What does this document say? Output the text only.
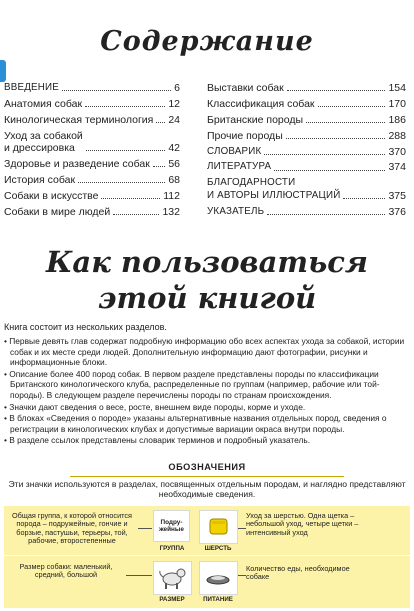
Содержание
ВВЕДЕНИЕ	6
Анатомия собак	12
Кинологическая терминология 24
Уход за собакой
и дрессировка	42
Здоровье и разведение собак 56
История собак	68
Собаки в искусстве	112
Собаки в мире людей	132
Выставки собак	154
Классификация собак	170
Британские породы	186
Прочие породы	288
СЛОВАРИК	370
ЛИТЕРАТУРА	374
БЛАГОДАРНОСТИ
И АВТОРЫ ИЛЛЮСТРАЦИЙ	375
УКАЗАТЕЛЬ	376
Как пользоваться
этой книгой
Книга состоит из нескольких разделов.

• Первые девять глав содержат подробную информацию обо всех аспектах ухода за собакой, истории собак и их месте среди людей. Дополнительную информацию дают фотографии, рисунки и информационные блоки.

• Описание более 400 пород собак. В первом разделе представлены породы по классификации Британского кинологического клуба, распределенные по группам (например, рабочие или той-породы). В следующем разделе перечислены породы по странам происхождения.

• Значки дают сведения о весе, росте, внешнем виде породы, корме и уходе.

• В блоках «Сведения о породе» указаны альтернативные названия отдельных пород, сведения о регистрации в кинологических клубах и допустимые вариации окраса внутри породы.

• В разделе ссылок представлены словарик терминов и подробный указатель.

ОБОЗНАЧЕНИЯ
Эти значки используются в разделах, посвященных отдельным породам, и наглядно представляют необходимые сведения.
Общая группа, к которой относится порода – подружейные, гончие и борзые, пастушьи, терьеры, той, рабочие, второстепенные
Подру-
жейные
ГРУППА	ШЕРСТЬ
Уход за шерстью. Одна щетка – небольшой уход, четыре щетки – интенсивный уход
Размер собаки: маленький, средний, большой
РАЗМЕР	ПИТАНИЕ
Количество еды, необходимое собаке
